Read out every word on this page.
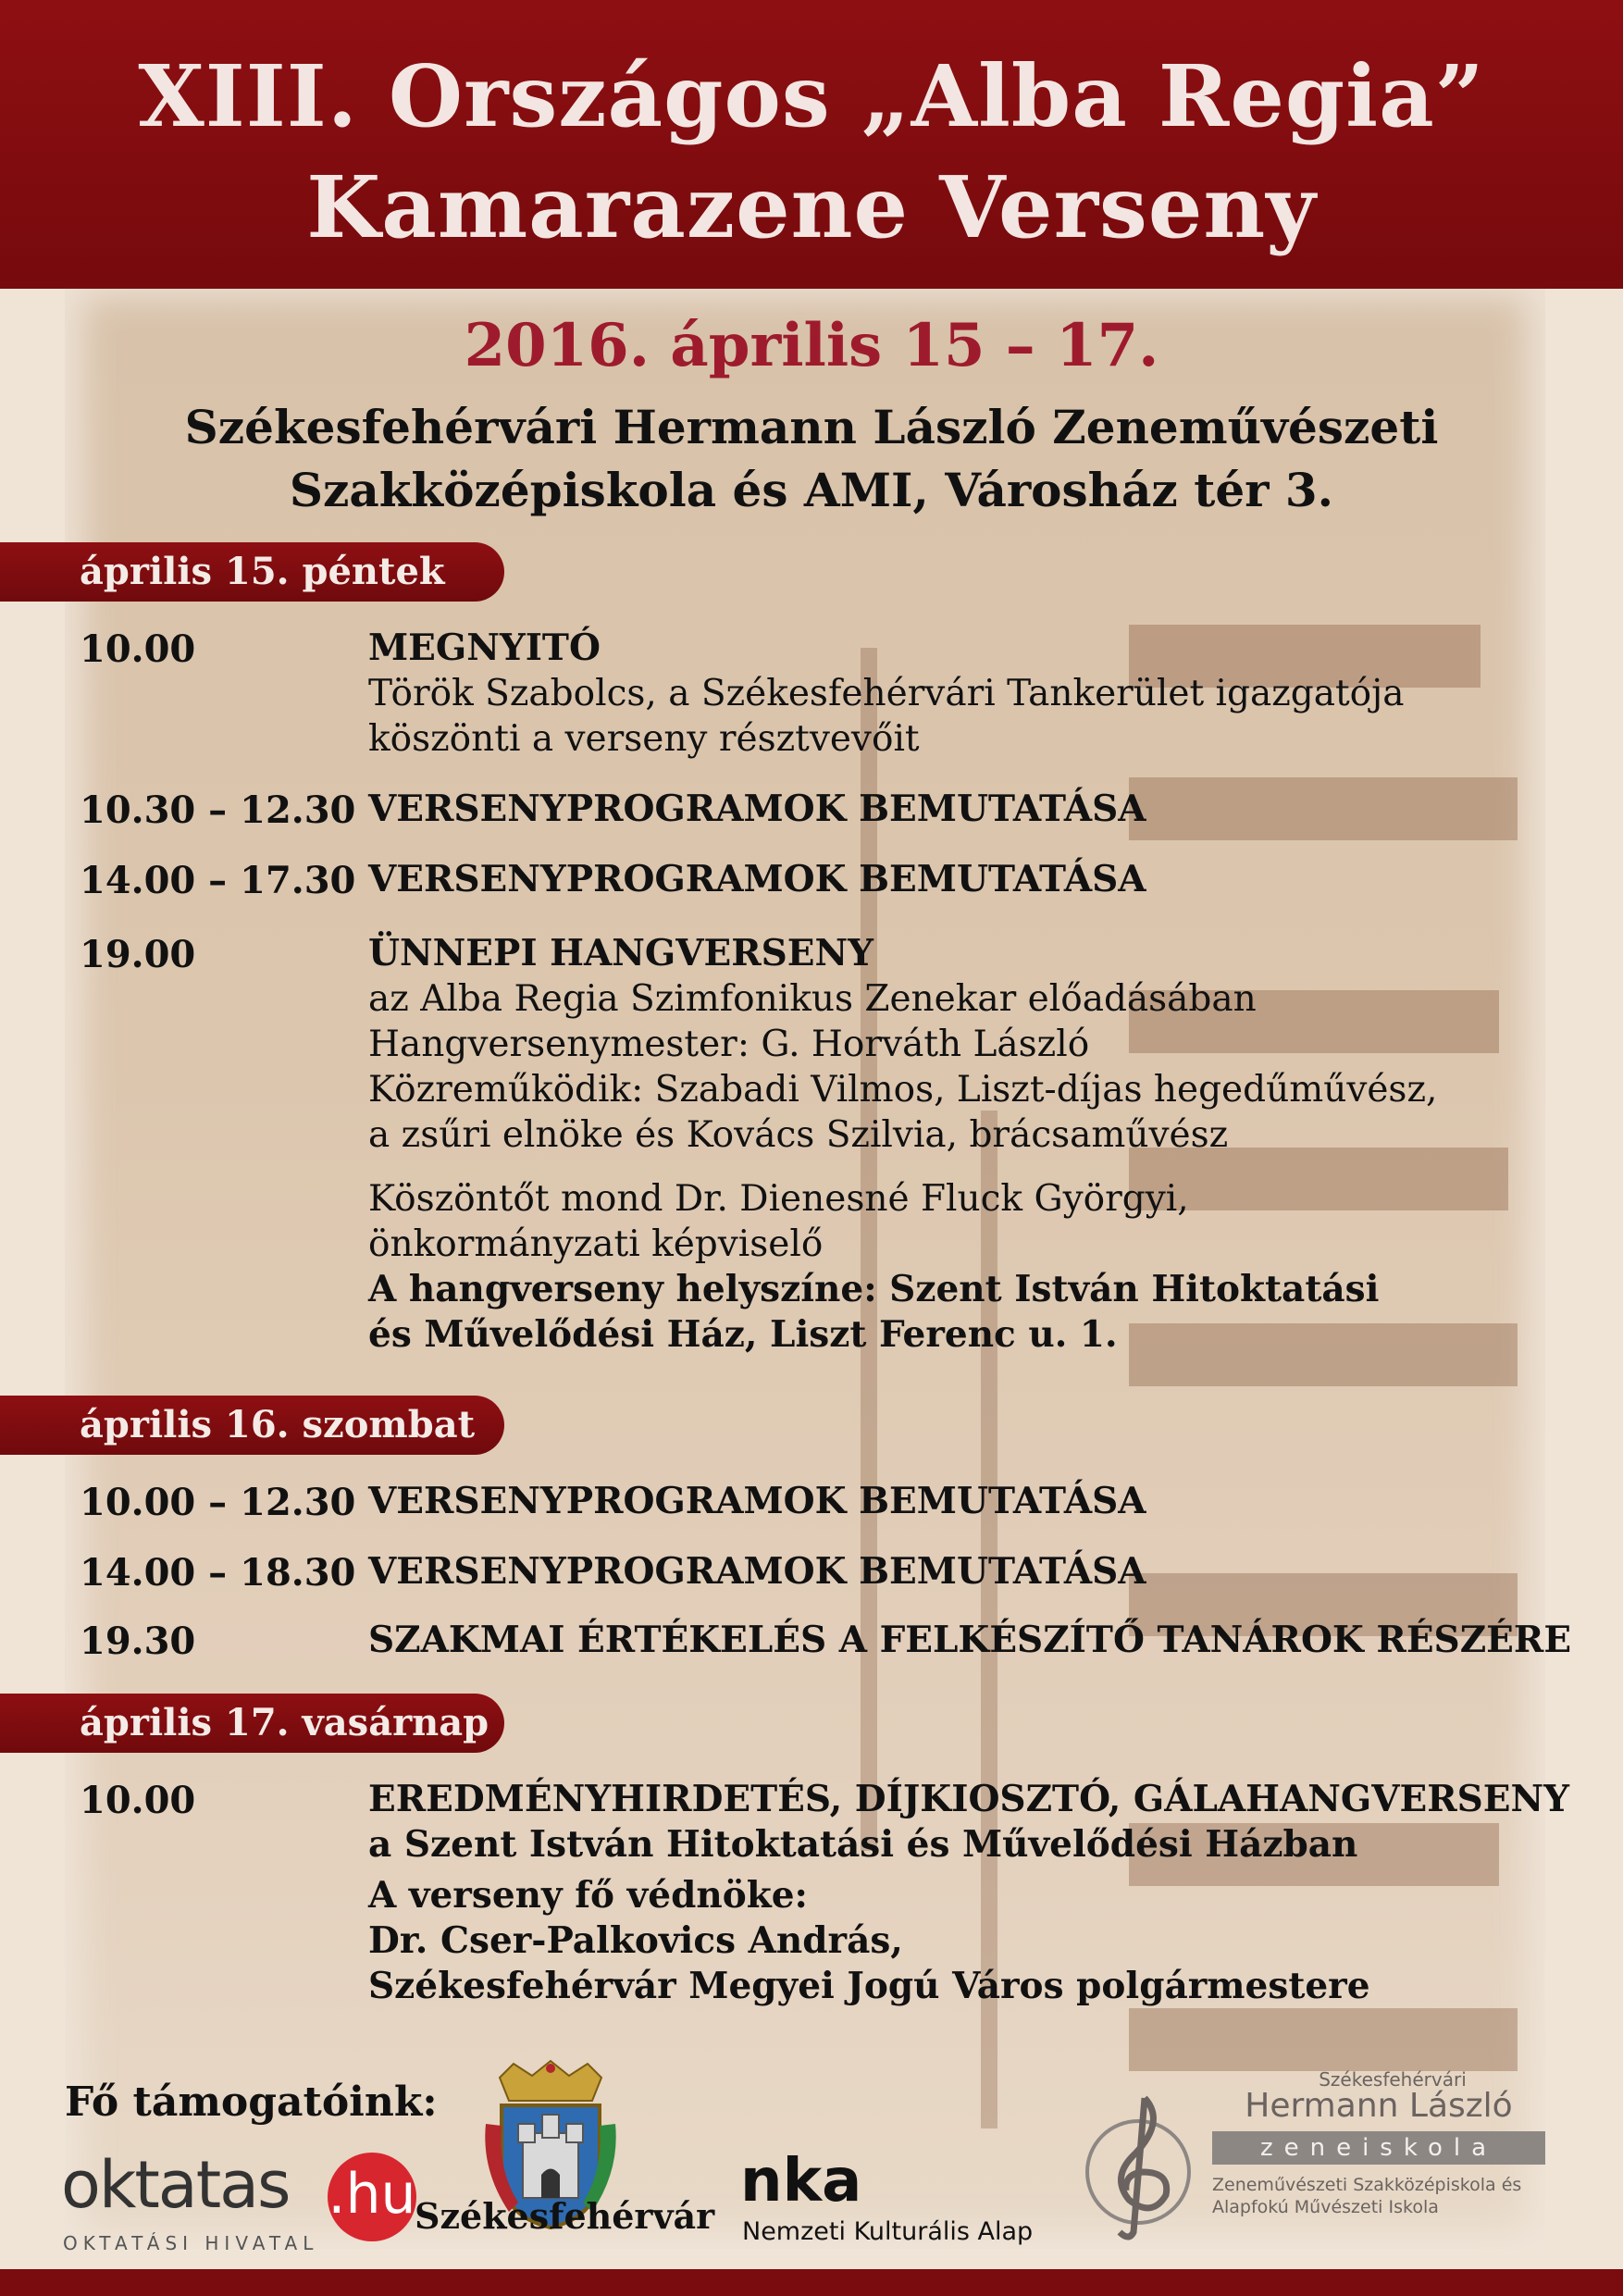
XIII. Országos „Alba Regia”
Kamarazene Verseny
2016. április 15 – 17.
Székesfehérvári Hermann László Zeneművészeti
Szakközépiskola és AMI, Városház tér 3.
április 15. péntek
10.00	MEGNYITÓ
Török Szabolcs, a Székesfehérvári Tankerület igazgatója
köszönti a verseny résztvevőit
10.30 – 12.30 VERSENYPROGRAMOK BEMUTATÁSA
14.00 – 17.30 VERSENYPROGRAMOK BEMUTATÁSA
19.00	ÜNNEPI HANGVERSENY
az Alba Regia Szimfonikus Zenekar előadásában
Hangversenymester: G. Horváth László
Közreműködik: Szabadi Vilmos, Liszt-díjas hegedűművész,
a zsűri elnöke és Kovács Szilvia, brácsaművész
Köszöntőt mond Dr. Dienesné Fluck Györgyi,
önkormányzati képviselő
A hangverseny helyszíne: Szent István Hitoktatási
és Művelődési Ház, Liszt Ferenc u. 1.
április 16. szombat
10.00 – 12.30 VERSENYPROGRAMOK BEMUTATÁSA
14.00 – 18.30 VERSENYPROGRAMOK BEMUTATÁSA
19.30	SZAKMAI ÉRTÉKELÉS A FELKÉSZÍTŐ TANÁROK RÉSZÉRE
április 17. vasárnap
10.00	EREDMÉNYHIRDETÉS, DÍJKIOSZTÓ, GÁLAHANGVERSENY
a Szent István Hitoktatási és Művelődési Házban
A verseny fő védnöke:
Dr. Cser-Palkovics András,
Székesfehérvár Megyei Jogú Város polgármestere
Fő támogatóink:
oktatas .hu
OKTATÁSI HIVATAL
Székesfehérvár
nka
Nemzeti Kulturális Alap
Székesfehérvári
Hermann László
zeneiskola
Zeneművészeti Szakközépiskola és
Alapfokú Művészeti Iskola
